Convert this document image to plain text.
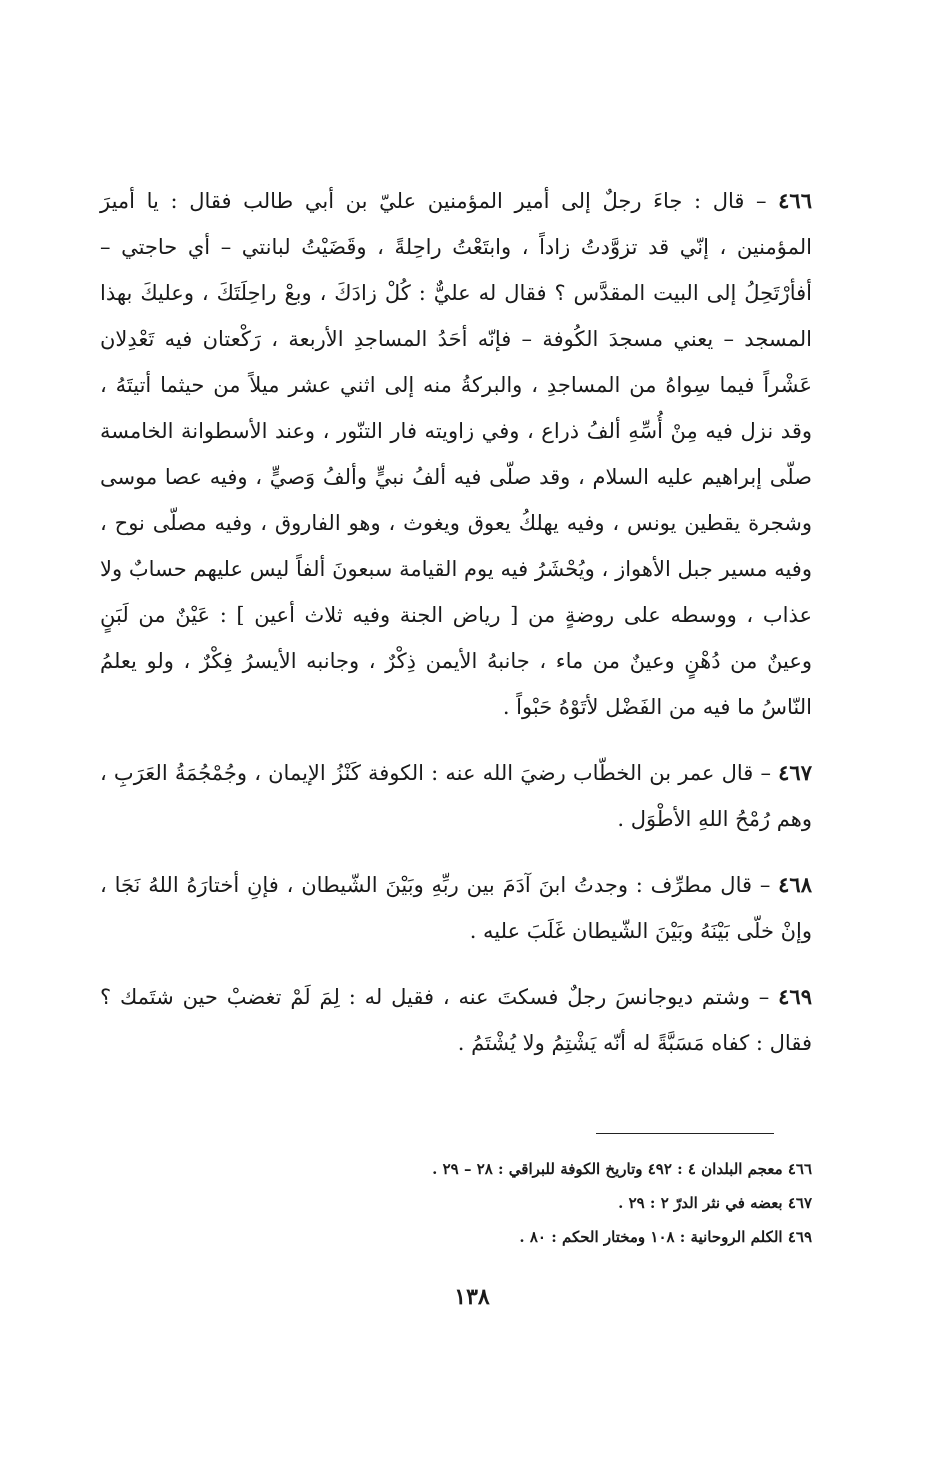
٤٦٦ – قال : جاءَ رجلٌ إلى أمير المؤمنين عليّ بن أبي طالب فقال : يا أميرَ المؤمنين ، إنّي قد تزوَّدتُ زاداً ، وابتَعْتُ راحِلةً ، وقَضَيْتُ لبانتي – أي حاجتي – أفأرْتَحِلُ إلى البيت المقدَّس ؟ فقال له عليٌّ : كُلْ زادَكَ ، وبعْ راحِلَتَكَ ، وعليكَ بهذا المسجد – يعني مسجدَ الكُوفة – فإنّه أحَدُ المساجدِ الأربعة ، رَكْعتان فيه تَعْدِلان عَشْراً فيما سِواهُ من المساجدِ ، والبركةُ منه إلى اثني عشر ميلاً من حيثما أتيتَهُ ، وقد نزل فيه مِنْ أُسِّهِ ألفُ ذراع ، وفي زاويته فار التنّور ، وعند الأسطوانة الخامسة صلّى إبراهيم عليه السلام ، وقد صلّى فيه ألفُ نبيٍّ وألفُ وَصيٍّ ، وفيه عصا موسى وشجرة يقطين يونس ، وفيه يهلكُ يعوق ويغوث ، وهو الفاروق ، وفيه مصلّى نوح ، وفيه مسير جبل الأهواز ، ويُحْشَرُ فيه يوم القيامة سبعونَ ألفاً ليس عليهم حسابٌ ولا عذاب ، ووسطه على روضةٍ من [ رياض الجنة وفيه ثلاث أعين ] : عَيْنٌ من لَبَنٍ وعينٌ من دُهْنٍ وعينٌ من ماء ، جانبهُ الأيمن ذِكْرٌ ، وجانبه الأيسرُ فِكْرٌ ، ولو يعلمُ النّاسُ ما فيه من الفَضْل لأتَوْهُ حَبْواً .

٤٦٧ – قال عمر بن الخطّاب رضيَ الله عنه : الكوفة كَنْزُ الإيمان ، وجُمْجُمَةُ العَرَبِ ، وهم رُمْحُ اللهِ الأطْوَل .

٤٦٨ – قال مطرِّف : وجدتُ ابنَ آدَمَ بين ربِّهِ وبَيْنَ الشّيطان ، فإنِ أختارَهُ اللهُ نَجَا ، وإنْ خلّى بَيْنَهُ وبَيْنَ الشّيطان غَلَبَ عليه .

٤٦٩ – وشتم ديوجانسَ رجلٌ فسكتَ عنه ، فقيل له : لِمَ لَمْ تغضبْ حين شتَمك ؟ فقال : كفاه مَسَبَّةً له أنّه يَشْتِمُ ولا يُشْتَمُ .

٤٦٦ معجم البلدان ٤ : ٤٩٢ وتاريخ الكوفة للبراقي : ٢٨ – ٢٩ .

٤٦٧ بعضه في نثر الدرّ ٢ : ٢٩ .

٤٦٩ الكلم الروحانية : ١٠٨ ومختار الحكم : ٨٠ .

١٣٨
